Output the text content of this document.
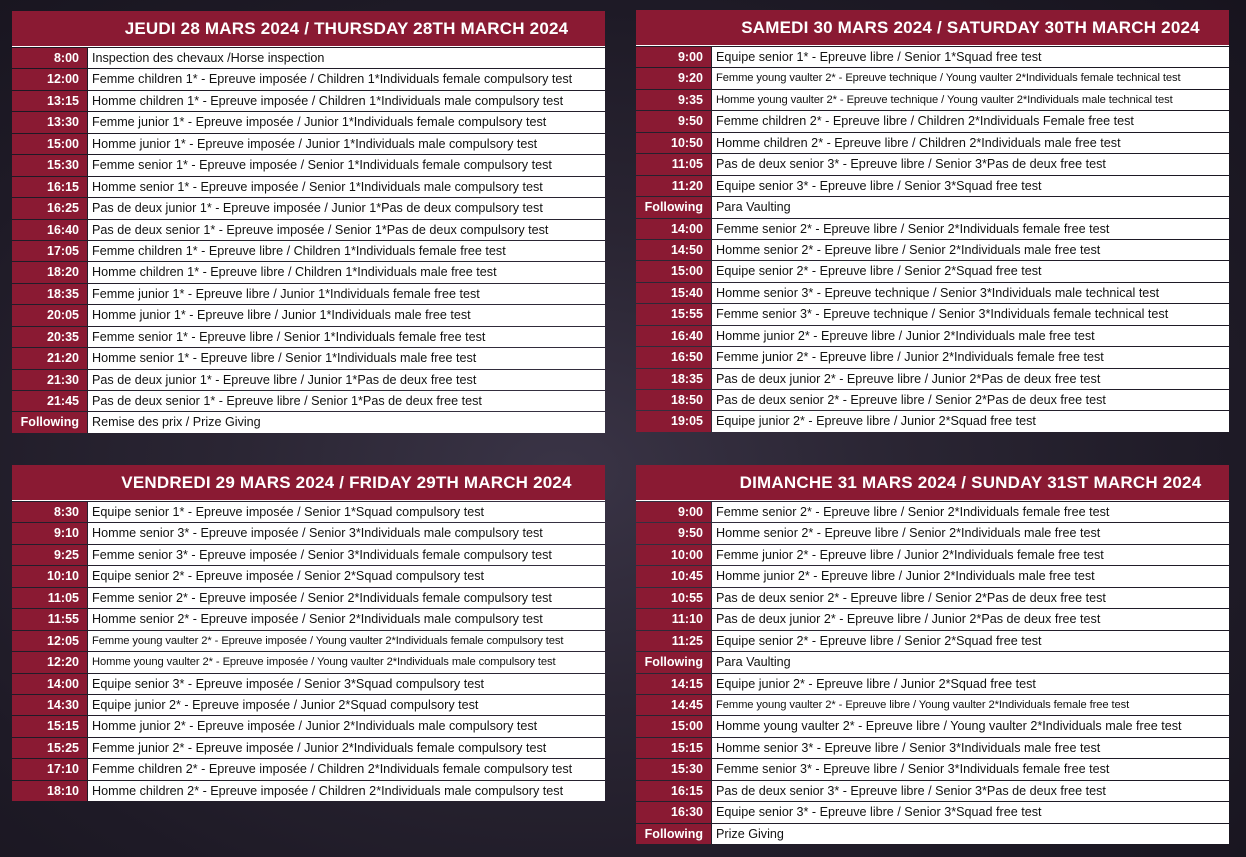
JEUDI 28 MARS 2024 / THURSDAY 28TH MARCH 2024
8:00	Inspection des chevaux /Horse inspection
12:00	Femme children 1* - Epreuve imposée / Children 1*Individuals female compulsory test
13:15	Homme children 1* - Epreuve imposée / Children 1*Individuals male compulsory test
13:30	Femme junior 1* - Epreuve imposée / Junior 1*Individuals female compulsory test
15:00	Homme junior 1* - Epreuve imposée / Junior 1*Individuals male compulsory test
15:30	Femme senior 1* - Epreuve imposée / Senior 1*Individuals female compulsory test
16:15	Homme senior 1* - Epreuve imposée / Senior 1*Individuals male compulsory test
16:25	Pas de deux junior 1* - Epreuve imposée / Junior 1*Pas de deux compulsory test
16:40	Pas de deux senior 1* - Epreuve imposée / Senior 1*Pas de deux compulsory test
17:05	Femme children 1* - Epreuve libre / Children 1*Individuals female free test
18:20	Homme children 1* - Epreuve libre / Children 1*Individuals male free test
18:35	Femme junior 1* - Epreuve libre / Junior 1*Individuals female free test
20:05	Homme junior 1* - Epreuve libre / Junior 1*Individuals male free test
20:35	Femme senior 1* - Epreuve libre / Senior 1*Individuals female free test
21:20	Homme senior 1* - Epreuve libre / Senior 1*Individuals male free test
21:30	Pas de deux junior 1* - Epreuve libre / Junior 1*Pas de deux free test
21:45	Pas de deux senior 1* - Epreuve libre / Senior 1*Pas de deux free test
Following	Remise des prix / Prize Giving
VENDREDI 29 MARS 2024 / FRIDAY 29TH MARCH 2024
8:30	Equipe senior 1* - Epreuve imposée / Senior 1*Squad compulsory test
9:10	Homme senior 3* - Epreuve imposée / Senior 3*Individuals male compulsory test
9:25	Femme senior 3* - Epreuve imposée / Senior 3*Individuals female compulsory test
10:10	Equipe senior 2* - Epreuve imposée / Senior 2*Squad compulsory test
11:05	Femme senior 2* - Epreuve imposée / Senior 2*Individuals female compulsory test
11:55	Homme senior 2* - Epreuve imposée / Senior 2*Individuals male compulsory test
12:05	Femme young vaulter 2* - Epreuve imposée / Young vaulter 2*Individuals female compulsory test
12:20	Homme young vaulter 2* - Epreuve imposée / Young vaulter 2*Individuals male compulsory test
14:00	Equipe senior 3* - Epreuve imposée / Senior 3*Squad compulsory test
14:30	Equipe junior 2* - Epreuve imposée / Junior 2*Squad compulsory test
15:15	Homme junior 2* - Epreuve imposée / Junior 2*Individuals male compulsory test
15:25	Femme junior 2* - Epreuve imposée / Junior 2*Individuals female compulsory test
17:10	Femme children 2* - Epreuve imposée / Children 2*Individuals female compulsory test
18:10	Homme children 2* - Epreuve imposée / Children 2*Individuals male compulsory test
SAMEDI 30 MARS 2024 / SATURDAY 30TH MARCH 2024
9:00	Equipe senior 1* - Epreuve libre / Senior 1*Squad free test
9:20	Femme young vaulter 2* - Epreuve technique / Young vaulter 2*Individuals female technical test
9:35	Homme young vaulter 2* - Epreuve technique / Young vaulter 2*Individuals male technical test
9:50	Femme children 2* - Epreuve libre / Children 2*Individuals Female free test
10:50	Homme children 2* - Epreuve libre / Children 2*Individuals male free test
11:05	Pas de deux senior 3* - Epreuve libre / Senior 3*Pas de deux free test
11:20	Equipe senior 3* - Epreuve libre / Senior 3*Squad free test
Following	Para Vaulting
14:00	Femme senior 2* - Epreuve libre / Senior 2*Individuals female free test
14:50	Homme senior 2* - Epreuve libre / Senior 2*Individuals male free test
15:00	Equipe senior 2* - Epreuve libre / Senior 2*Squad free test
15:40	Homme senior 3* - Epreuve technique / Senior 3*Individuals male technical test
15:55	Femme senior 3* - Epreuve technique / Senior 3*Individuals female technical test
16:40	Homme junior 2* - Epreuve libre / Junior 2*Individuals male free test
16:50	Femme junior 2* - Epreuve libre / Junior 2*Individuals female free test
18:35	Pas de deux junior 2* - Epreuve libre / Junior 2*Pas de deux free test
18:50	Pas de deux senior 2* - Epreuve libre / Senior 2*Pas de deux free test
19:05	Equipe junior 2* - Epreuve libre / Junior 2*Squad free test
DIMANCHE 31 MARS 2024 / SUNDAY 31ST MARCH 2024
9:00	Femme senior 2* - Epreuve libre / Senior 2*Individuals female free test
9:50	Homme senior 2* - Epreuve libre / Senior 2*Individuals male free test
10:00	Femme junior 2* - Epreuve libre / Junior 2*Individuals female free test
10:45	Homme junior 2* - Epreuve libre / Junior 2*Individuals male free test
10:55	Pas de deux senior 2* - Epreuve libre / Senior 2*Pas de deux free test
11:10	Pas de deux junior 2* - Epreuve libre / Junior 2*Pas de deux free test
11:25	Equipe senior 2* - Epreuve libre / Senior 2*Squad free test
Following	Para Vaulting
14:15	Equipe junior 2* - Epreuve libre / Junior 2*Squad free test
14:45	Femme young vaulter 2* - Epreuve libre / Young vaulter 2*Individuals female free test
15:00	Homme young vaulter 2* - Epreuve libre / Young vaulter 2*Individuals male free test
15:15	Homme senior 3* - Epreuve libre / Senior 3*Individuals male free test
15:30	Femme senior 3* - Epreuve libre / Senior 3*Individuals female free test
16:15	Pas de deux senior 3* - Epreuve libre / Senior 3*Pas de deux free test
16:30	Equipe senior 3* - Epreuve libre / Senior 3*Squad free test
Following	Prize Giving
